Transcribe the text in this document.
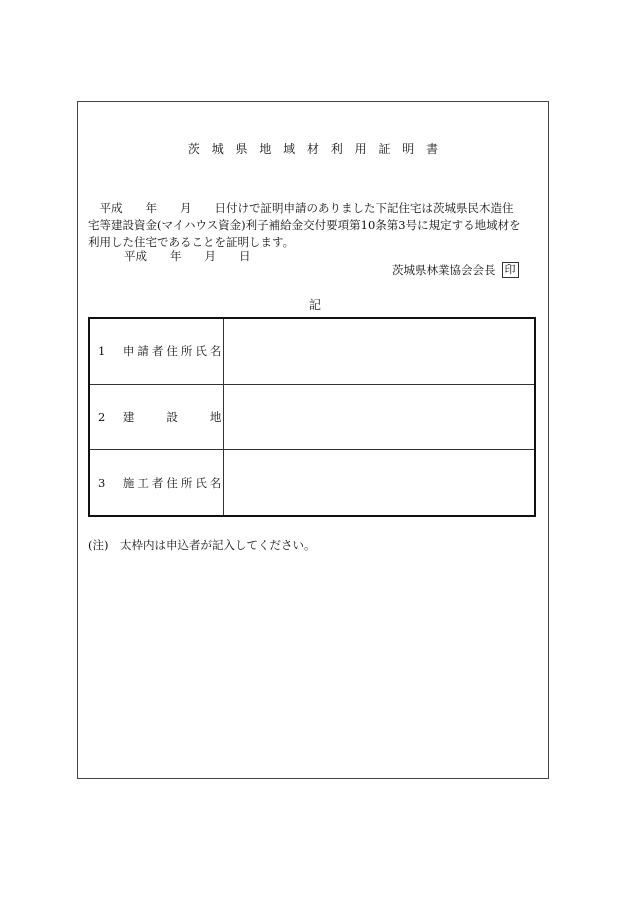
茨 城 県 地 域 材 利 用 証 明 書

　平成　　年　　月　　日付けで証明申請のありました下記住宅は茨城県民木造住

宅等建設資金(マイハウス資金)利子補給金交付要項第10条第3号に規定する地域材を

利用した住宅であることを証明します。

平成　　年　　月　　日
茨城県林業協会会長 印
記
1　申請者住所氏名
2　建　　設　　地
3　施工者住所氏名
(注)　太枠内は申込者が記入してください。
